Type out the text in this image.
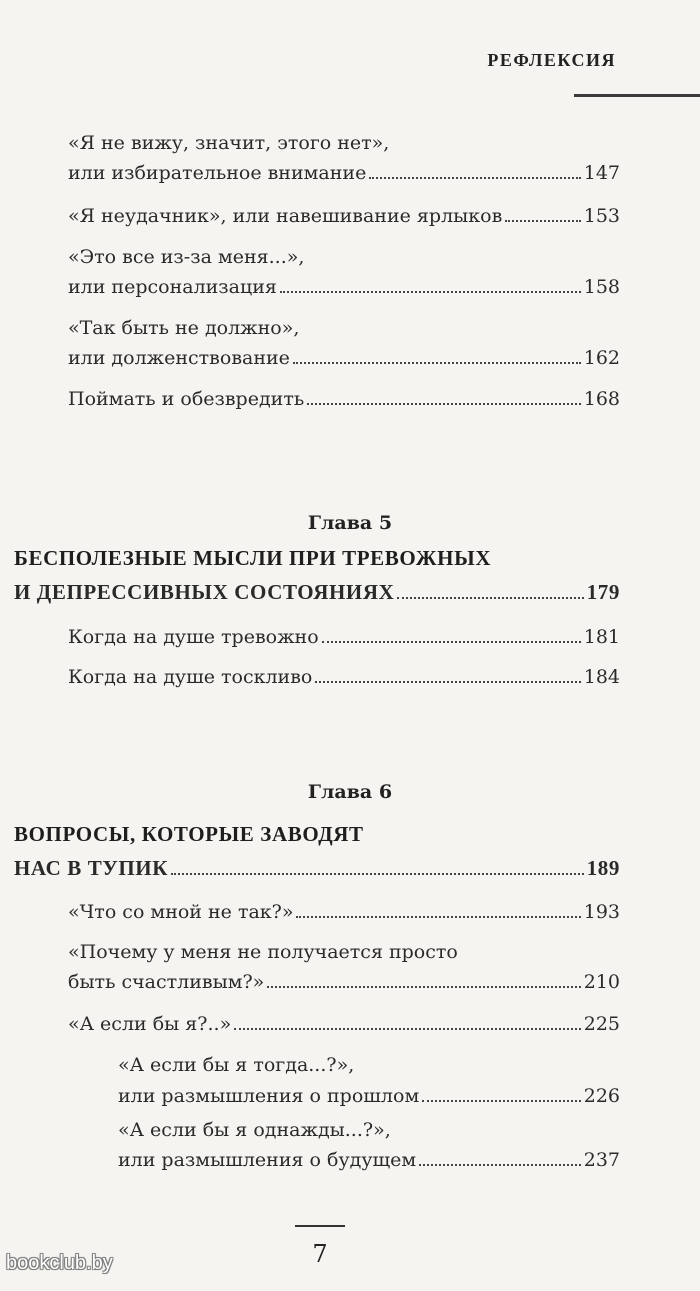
РЕФЛЕКСИЯ
«Я не вижу, значит, этого нет»,
или избирательное внимание	147
«Я неудачник», или навешивание ярлыков	153
«Это все из-за меня...»,
или персонализация	158
«Так быть не должно»,
или долженствование	162
Поймать и обезвредить	168
Глава 5
БЕСПОЛЕЗНЫЕ МЫСЛИ ПРИ ТРЕВОЖНЫХ
И ДЕПРЕССИВНЫХ СОСТОЯНИЯХ	179
Когда на душе тревожно	181
Когда на душе тоскливо	184
Глава 6
ВОПРОСЫ, КОТОРЫЕ ЗАВОДЯТ
НАС В ТУПИК	189
«Что со мной не так?»	193
«Почему у меня не получается просто
быть счастливым?»	210
«А если бы я?..»	225
«А если бы я тогда...?»,
или размышления о прошлом	226
«А если бы я однажды...?»,
или размышления о будущем	237
7
bookclub.by
